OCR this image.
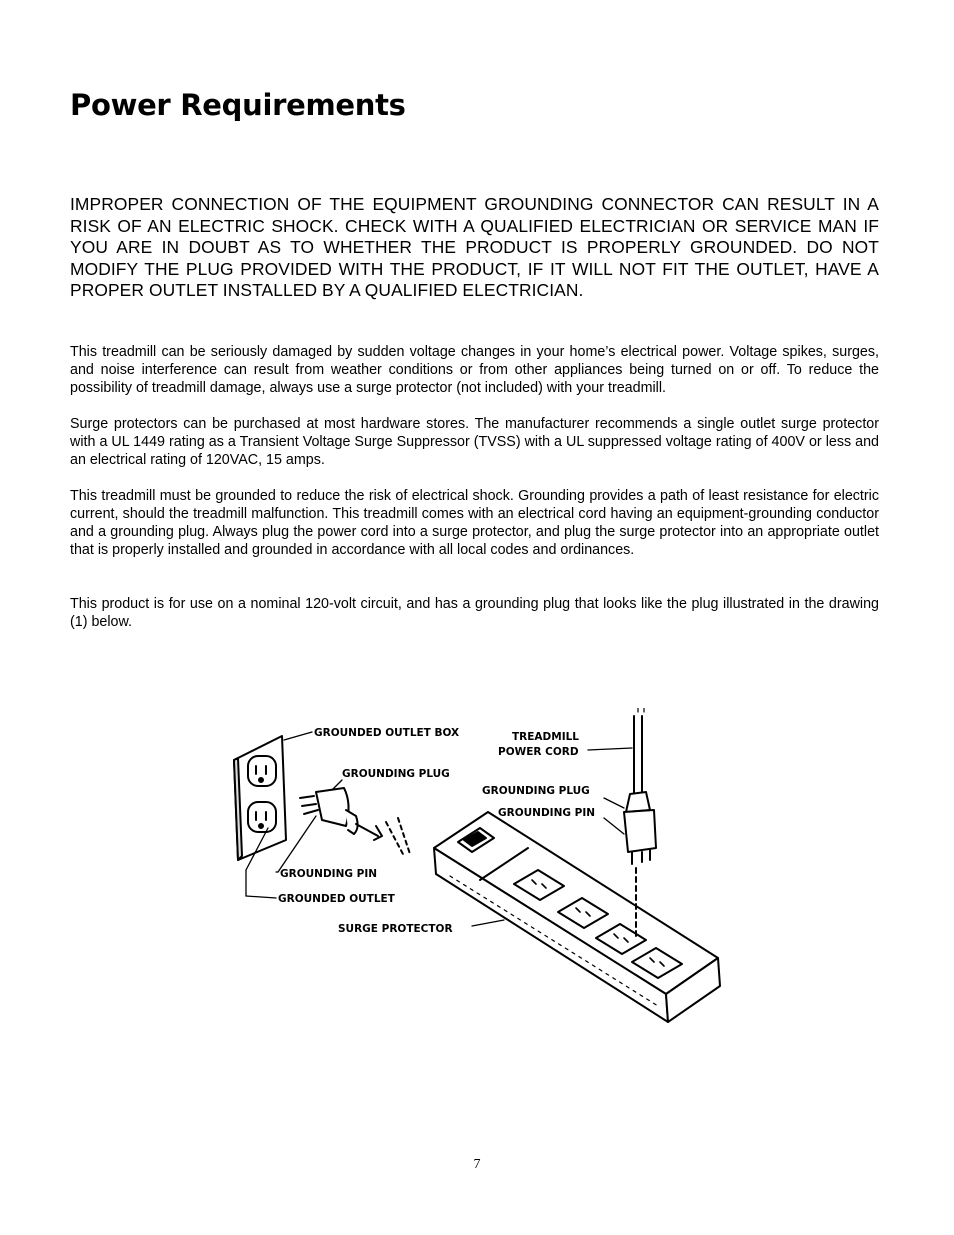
Power Requirements

IMPROPER CONNECTION OF THE EQUIPMENT GROUNDING CONNECTOR CAN RESULT IN A RISK OF AN ELECTRIC SHOCK. CHECK WITH A QUALIFIED ELECTRICIAN OR SERVICE MAN IF YOU ARE IN DOUBT AS TO WHETHER THE PRODUCT IS PROPERLY GROUNDED. DO NOT MODIFY THE PLUG PROVIDED WITH THE PRODUCT, IF IT WILL NOT FIT THE OUTLET, HAVE A PROPER OUTLET INSTALLED BY A QUALIFIED ELECTRICIAN.

This treadmill can be seriously damaged by sudden voltage changes in your home’s electrical power. Voltage spikes, surges, and noise interference can result from weather conditions or from other appliances being turned on or off. To reduce the possibility of treadmill damage, always use a surge protector (not included) with your treadmill.

Surge protectors can be purchased at most hardware stores. The manufacturer recommends a single outlet surge protector with a UL 1449 rating as a Transient Voltage Surge Suppressor (TVSS) with a UL suppressed voltage rating of 400V or less and an electrical rating of 120VAC, 15 amps.

This treadmill must be grounded to reduce the risk of electrical shock. Grounding provides a path of least resistance for electric current, should the treadmill malfunction. This treadmill comes with an electrical cord having an equipment-grounding conductor and a grounding plug. Always plug the power cord into a surge protector, and plug the surge protector into an appropriate outlet that is properly installed and grounded in accordance with all local codes and ordinances.

This product is for use on a nominal 120-volt circuit, and has a grounding plug that looks like the plug illustrated in the drawing (1) below.

GROUNDED OUTLET BOX
GROUNDING PLUG
GROUNDING PIN
GROUNDED OUTLET
SURGE PROTECTOR
TREADMILL
POWER CORD
GROUNDING PLUG
GROUNDING PIN
7
